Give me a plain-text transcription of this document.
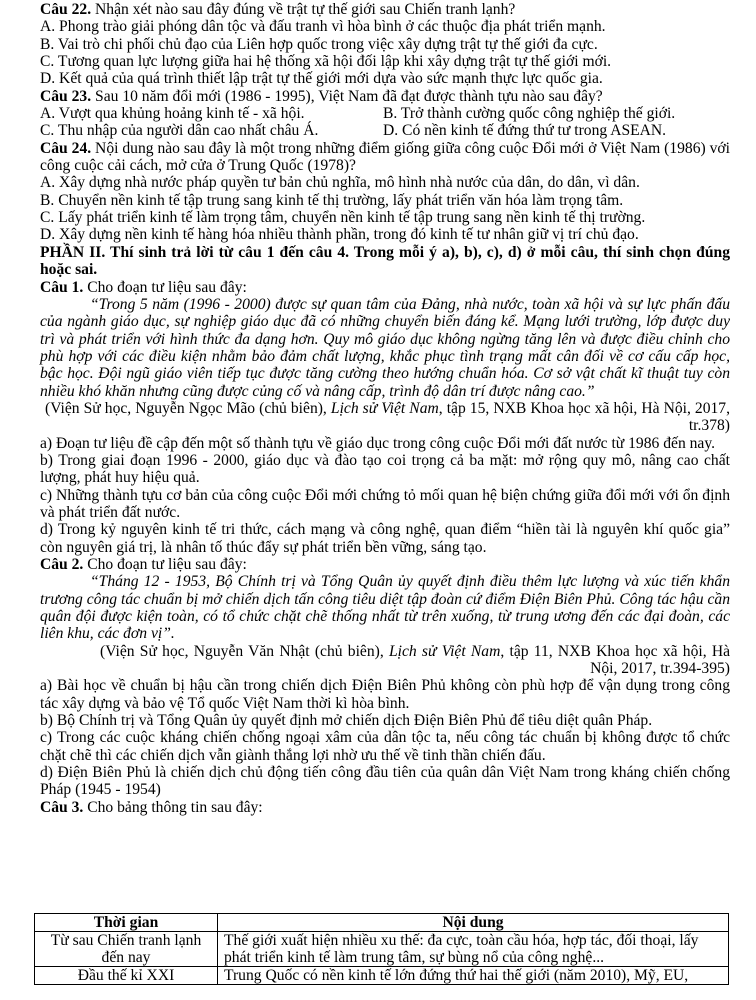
Câu 22. Nhận xét nào sau đây đúng về trật tự thế giới sau Chiến tranh lạnh?

A. Phong trào giải phóng dân tộc và đấu tranh vì hòa bình ở các thuộc địa phát triển mạnh.

B. Vai trò chi phối chủ đạo của Liên hợp quốc trong việc xây dựng trật tự thế giới đa cực.

C. Tương quan lực lượng giữa hai hệ thống xã hội đối lập khi xây dựng trật tự thế giới mới.

D. Kết quả của quá trình thiết lập trật tự thế giới mới dựa vào sức mạnh thực lực quốc gia.

Câu 23. Sau 10 năm đổi mới (1986 - 1995), Việt Nam đã đạt được thành tựu nào sau đây?

A. Vượt qua khủng hoảng kinh tế - xã hội.	B. Trở thành cường quốc công nghiệp thế giới.
C. Thu nhập của người dân cao nhất châu Á.	D. Có nền kinh tế đứng thứ tư trong ASEAN.

Câu 24. Nội dung nào sau đây là một trong những điểm giống giữa công cuộc Đổi mới ở Việt Nam (1986) với công cuộc cải cách, mở cửa ở Trung Quốc (1978)?

A. Xây dựng nhà nước pháp quyền tư bản chủ nghĩa, mô hình nhà nước của dân, do dân, vì dân.

B. Chuyển nền kinh tế tập trung sang kinh tế thị trường, lấy phát triển văn hóa làm trọng tâm.

C. Lấy phát triển kinh tế làm trọng tâm, chuyển nền kinh tế tập trung sang nền kinh tế thị trường.

D. Xây dựng nền kinh tế hàng hóa nhiều thành phần, trong đó kinh tế tư nhân giữ vị trí chủ đạo.

PHẦN II. Thí sinh trả lời từ câu 1 đến câu 4. Trong mỗi ý a), b), c), d) ở mỗi câu, thí sinh chọn đúng hoặc sai.

Câu 1. Cho đoạn tư liệu sau đây:

“Trong 5 năm (1996 - 2000) được sự quan tâm của Đảng, nhà nước, toàn xã hội và sự lực phấn đấu của ngành giáo dục, sự nghiệp giáo dục đã có những chuyển biến đáng kể. Mạng lưới trường, lớp được duy trì và phát triển với hình thức đa dạng hơn. Quy mô giáo dục không ngừng tăng lên và được điều chỉnh cho phù hợp với các điều kiện nhằm bảo đảm chất lượng, khắc phục tình trạng mất cân đối về cơ cấu cấp học, bậc học. Đội ngũ giáo viên tiếp tục được tăng cường theo hướng chuẩn hóa. Cơ sở vật chất kĩ thuật tuy còn nhiều khó khăn nhưng cũng được củng cố và nâng cấp, trình độ dân trí được nâng cao.”

(Viện Sử học, Nguyễn Ngọc Mão (chủ biên), Lịch sử Việt Nam, tập 15, NXB Khoa học xã hội, Hà Nội, 2017, tr.378)

a) Đoạn tư liệu đề cập đến một số thành tựu về giáo dục trong công cuộc Đổi mới đất nước từ 1986 đến nay.

b) Trong giai đoạn 1996 - 2000, giáo dục và đào tạo coi trọng cả ba mặt: mở rộng quy mô, nâng cao chất lượng, phát huy hiệu quả.

c) Những thành tựu cơ bản của công cuộc Đổi mới chứng tỏ mối quan hệ biện chứng giữa đổi mới với ổn định và phát triển đất nước.

d) Trong kỷ nguyên kinh tế tri thức, cách mạng và công nghệ, quan điểm “hiền tài là nguyên khí quốc gia” còn nguyên giá trị, là nhân tố thúc đẩy sự phát triển bền vững, sáng tạo.

Câu 2. Cho đoạn tư liệu sau đây:

“Tháng 12 - 1953, Bộ Chính trị và Tổng Quân ủy quyết định điều thêm lực lượng và xúc tiến khẩn trương công tác chuẩn bị mở chiến dịch tấn công tiêu diệt tập đoàn cứ điểm Điện Biên Phủ. Công tác hậu cần quân đội được kiện toàn, có tổ chức chặt chẽ thống nhất từ trên xuống, từ trung ương đến các đại đoàn, các liên khu, các đơn vị”.

(Viện Sử học, Nguyễn Văn Nhật (chủ biên), Lịch sử Việt Nam, tập 11, NXB Khoa học xã hội, Hà Nội, 2017, tr.394-395)

a) Bài học về chuẩn bị hậu cần trong chiến dịch Điện Biên Phủ không còn phù hợp để vận dụng trong công tác xây dựng và bảo vệ Tổ quốc Việt Nam thời kì hòa bình.

b) Bộ Chính trị và Tổng Quân ủy quyết định mở chiến dịch Điện Biên Phủ để tiêu diệt quân Pháp.

c) Trong các cuộc kháng chiến chống ngoại xâm của dân tộc ta, nếu công tác chuẩn bị không được tổ chức chặt chẽ thì các chiến dịch vẫn giành thắng lợi nhờ ưu thế về tinh thần chiến đấu.

d) Điện Biên Phủ là chiến dịch chủ động tiến công đầu tiên của quân dân Việt Nam trong kháng chiến chống Pháp (1945 - 1954)

Câu 3. Cho bảng thông tin sau đây:

Thời gian	Nội dung
Từ sau Chiến tranh lạnh đến nay	Thế giới xuất hiện nhiều xu thế: đa cực, toàn cầu hóa, hợp tác, đối thoại, lấy phát triển kinh tế làm trung tâm, sự bùng nổ của công nghệ...
Đầu thế kỉ XXI	Trung Quốc có nền kinh tế lớn đứng thứ hai thế giới (năm 2010), Mỹ, EU,
